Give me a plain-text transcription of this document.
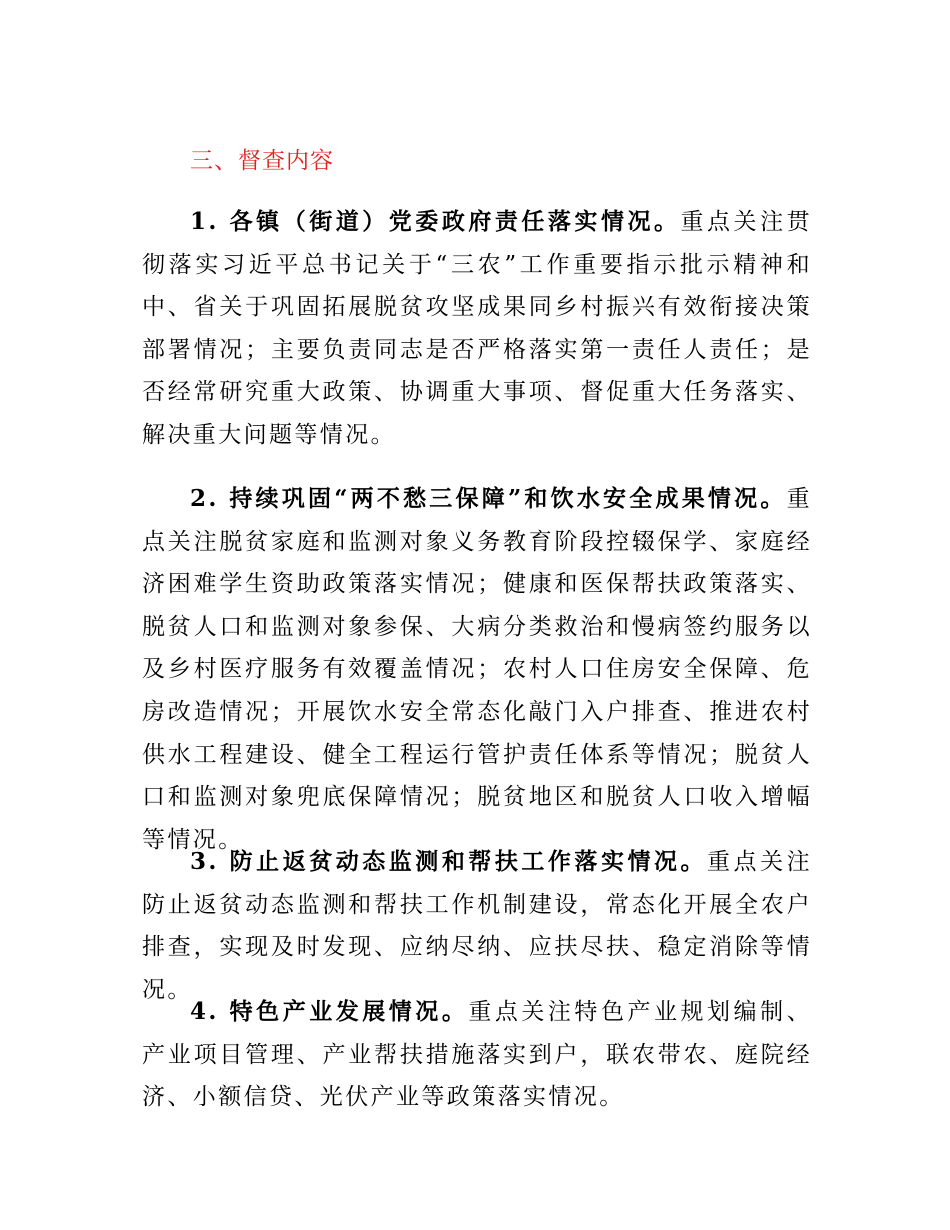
三、督查内容

1. 各镇（街道）党委政府责任落实情况。重点关注贯彻落实习近平总书记关于“三农”工作重要指示批示精神和中、省关于巩固拓展脱贫攻坚成果同乡村振兴有效衔接决策部署情况；主要负责同志是否严格落实第一责任人责任；是否经常研究重大政策、协调重大事项、督促重大任务落实、解决重大问题等情况。

2. 持续巩固“两不愁三保障”和饮水安全成果情况。重点关注脱贫家庭和监测对象义务教育阶段控辍保学、家庭经济困难学生资助政策落实情况；健康和医保帮扶政策落实、脱贫人口和监测对象参保、大病分类救治和慢病签约服务以及乡村医疗服务有效覆盖情况；农村人口住房安全保障、危房改造情况；开展饮水安全常态化敲门入户排查、推进农村供水工程建设、健全工程运行管护责任体系等情况；脱贫人口和监测对象兜底保障情况；脱贫地区和脱贫人口收入增幅等情况。

3. 防止返贫动态监测和帮扶工作落实情况。重点关注防止返贫动态监测和帮扶工作机制建设，常态化开展全农户排查，实现及时发现、应纳尽纳、应扶尽扶、稳定消除等情况。

4. 特色产业发展情况。重点关注特色产业规划编制、产业项目管理、产业帮扶措施落实到户，联农带农、庭院经济、小额信贷、光伏产业等政策落实情况。
